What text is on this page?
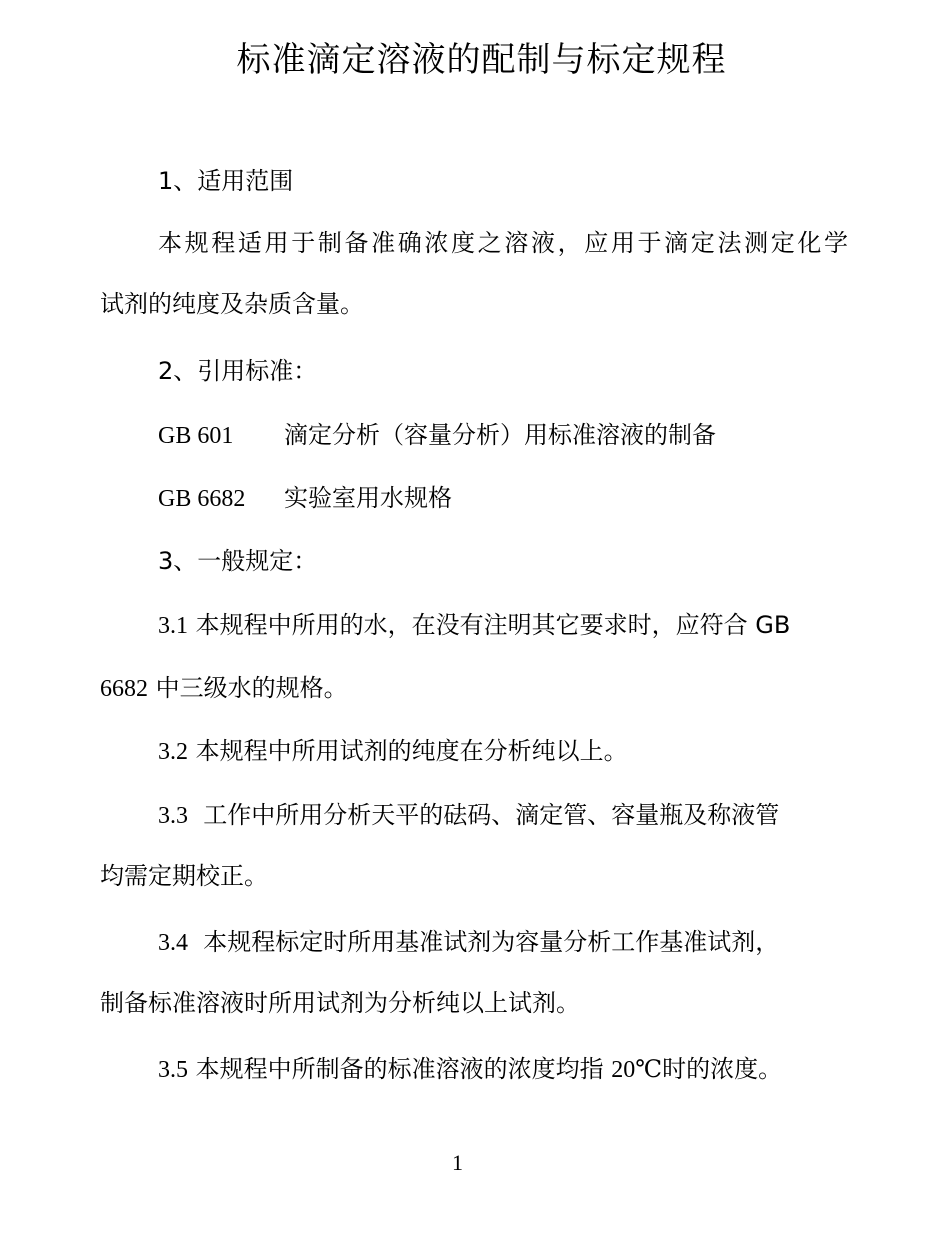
标准滴定溶液的配制与标定规程
1、适用范围
本规程适用于制备准确浓度之溶液，应用于滴定法测定化学
试剂的纯度及杂质含量。
2、引用标准：
GB 601 滴定分析（容量分析）用标准溶液的制备
GB 6682 实验室用水规格
3、一般规定：
3.1 本规程中所用的水，在没有注明其它要求时，应符合 GB
6682 中三级水的规格。
3.2 本规程中所用试剂的纯度在分析纯以上。
3.3 工作中所用分析天平的砝码、滴定管、容量瓶及称液管
均需定期校正。
3.4 本规程标定时所用基准试剂为容量分析工作基准试剂，
制备标准溶液时所用试剂为分析纯以上试剂。
3.5 本规程中所制备的标准溶液的浓度均指 20℃时的浓度。
1
